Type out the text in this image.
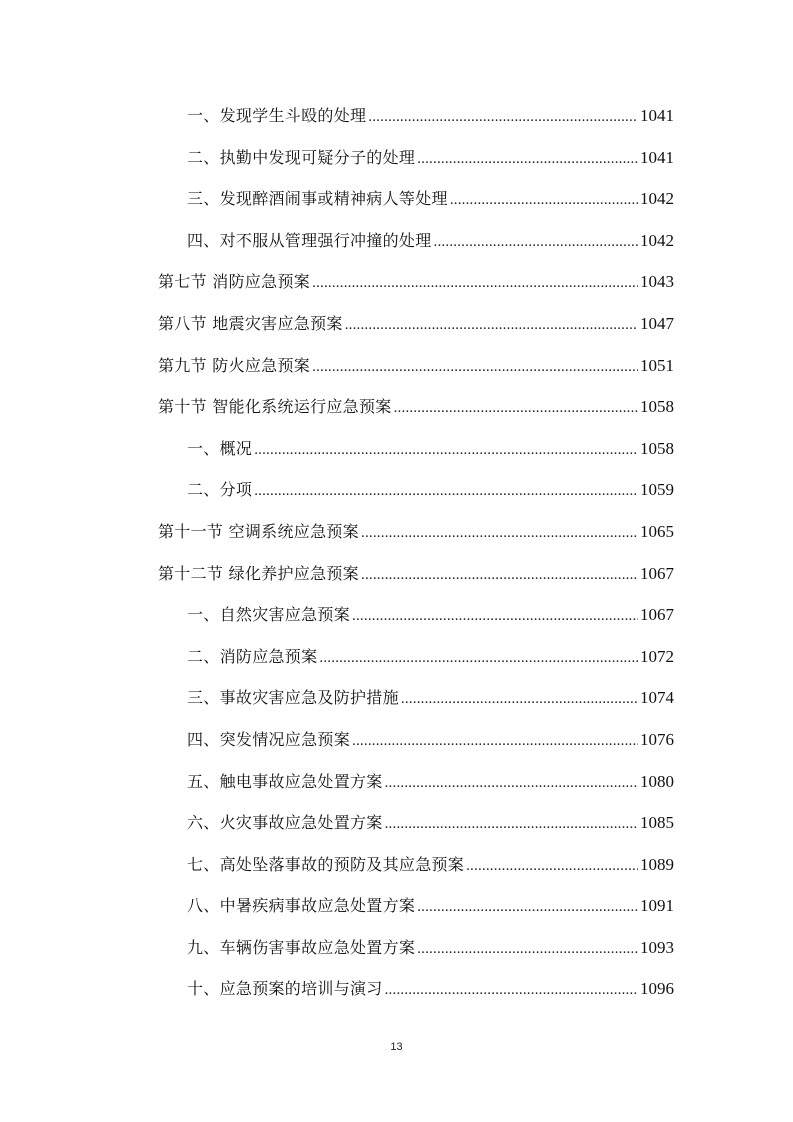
一、发现学生斗殴的处理 .....	1041
二、执勤中发现可疑分子的处理 .....	1041
三、发现醉酒闹事或精神病人等处理 .....	1042
四、对不服从管理强行冲撞的处理 .....	1042
第七节 消防应急预案 .....	1043
第八节 地震灾害应急预案 .....	1047
第九节 防火应急预案 .....	1051
第十节 智能化系统运行应急预案 .....	1058
一、概况 .....	1058
二、分项 .....	1059
第十一节 空调系统应急预案 .....	1065
第十二节 绿化养护应急预案 .....	1067
一、自然灾害应急预案 .....	1067
二、消防应急预案 .....	1072
三、事故灾害应急及防护措施 .....	1074
四、突发情况应急预案 .....	1076
五、触电事故应急处置方案 .....	1080
六、火灾事故应急处置方案 .....	1085
七、高处坠落事故的预防及其应急预案 .....	1089
八、中暑疾病事故应急处置方案 .....	1091
九、车辆伤害事故应急处置方案 .....	1093
十、应急预案的培训与演习 .....	1096
13
